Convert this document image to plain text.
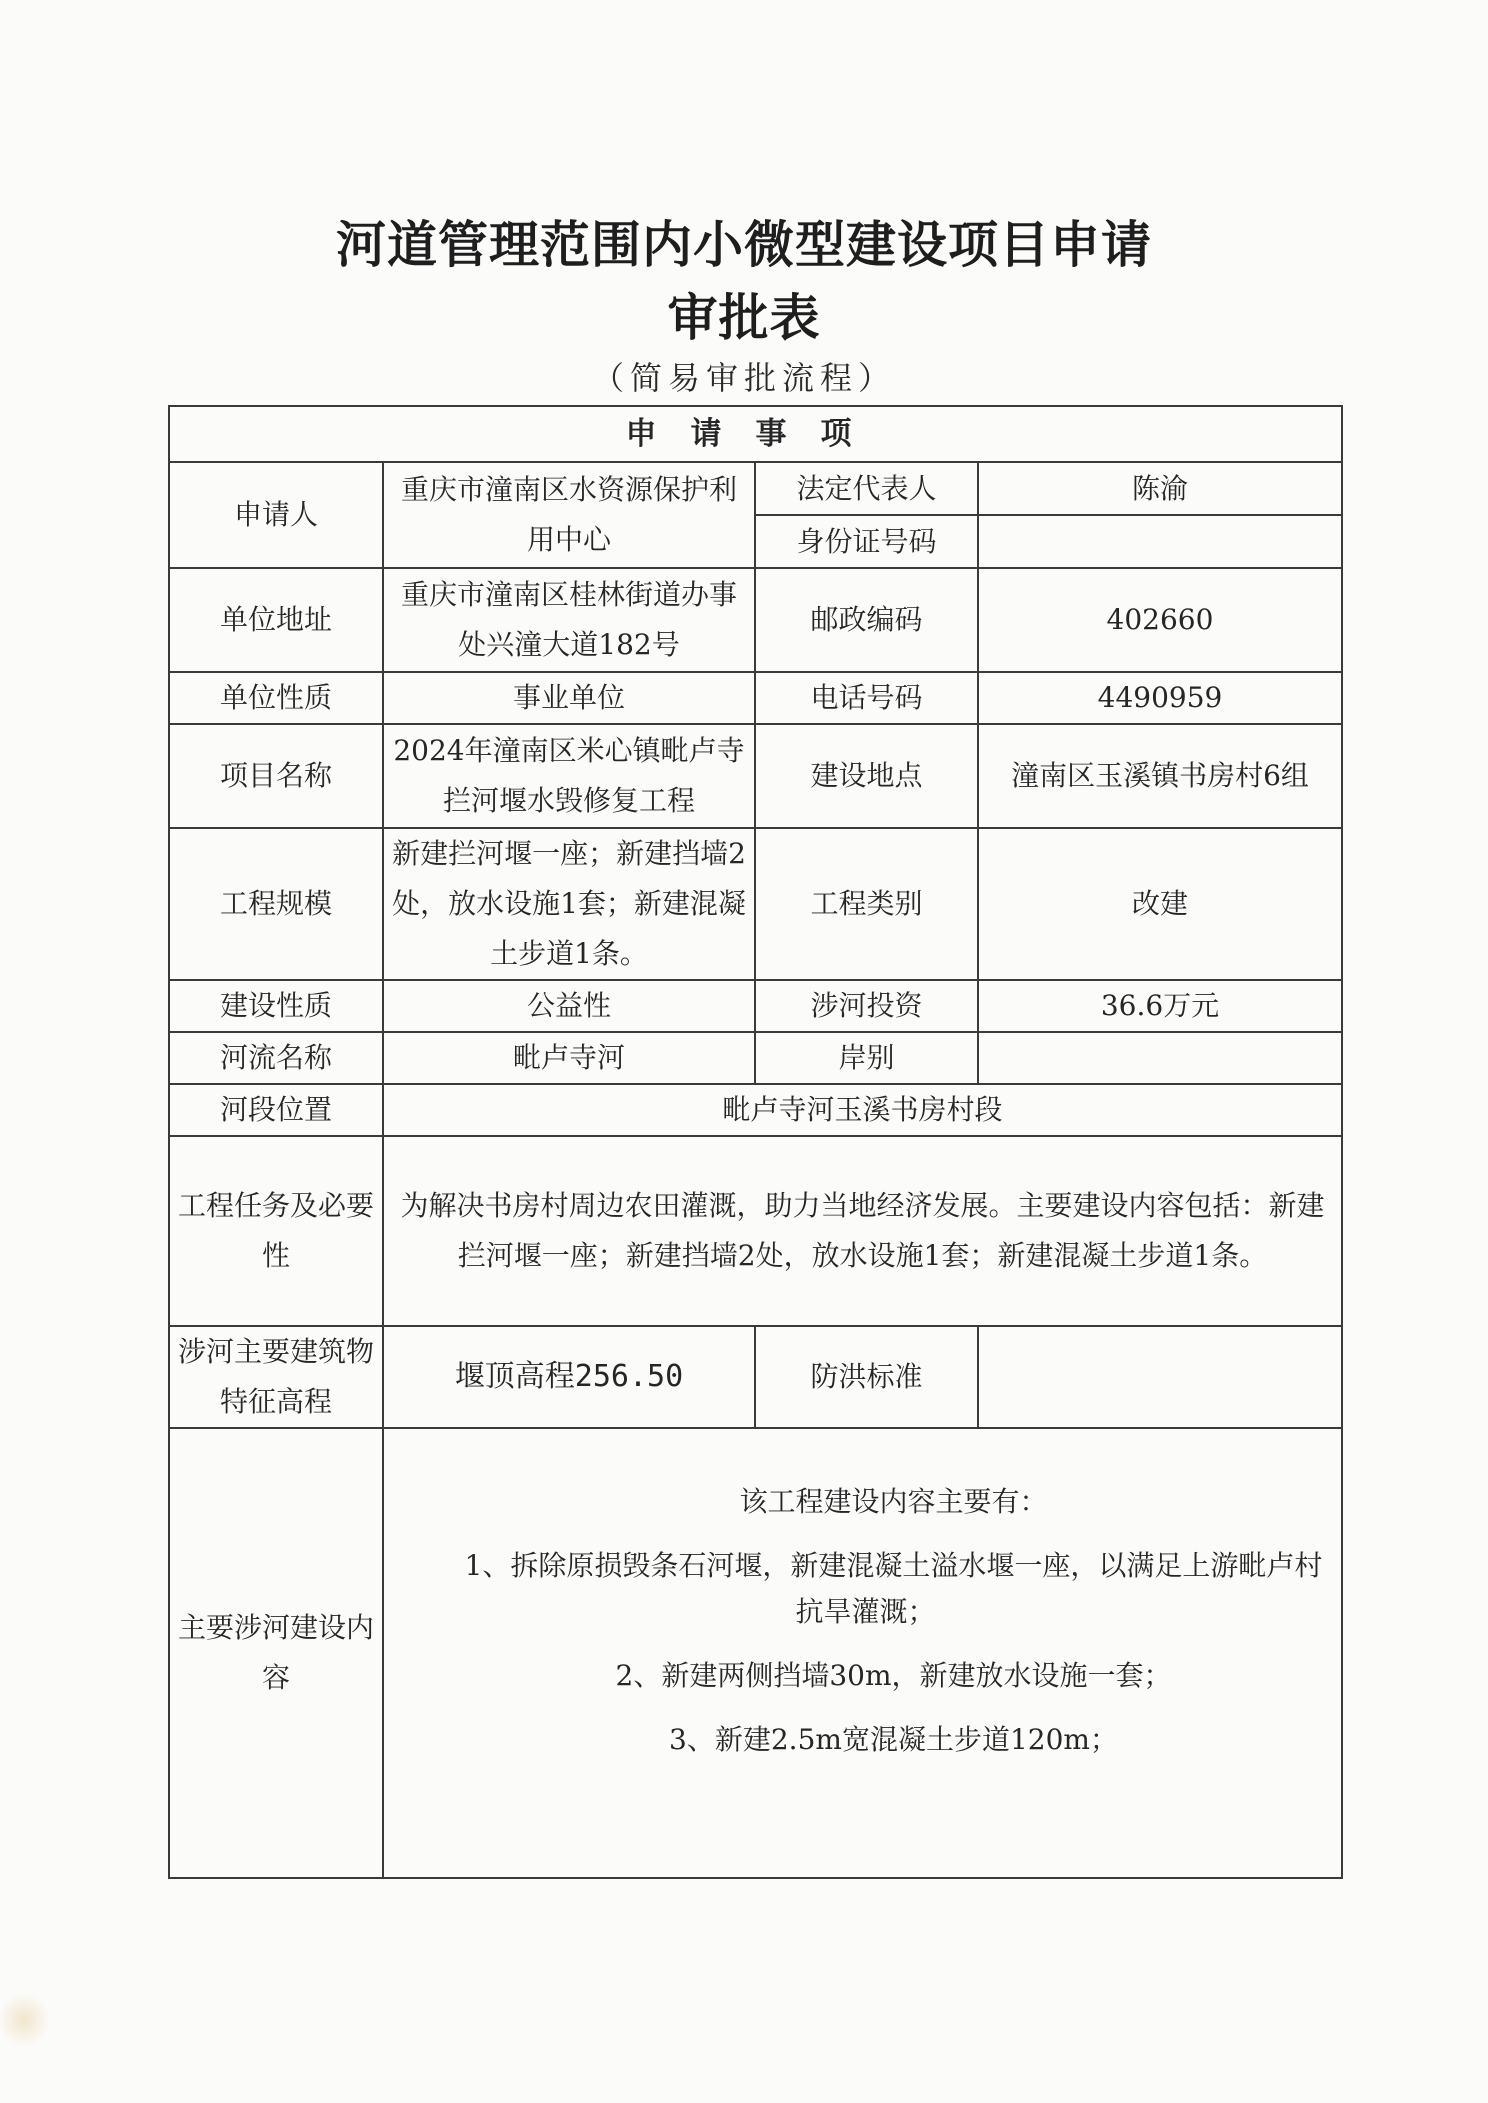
河道管理范围内小微型建设项目申请
审批表
（简易审批流程）
申请事项			
申请人	重庆市潼南区水资源保护利用中心	法定代表人	陈渝
		身份证号码	
单位地址	重庆市潼南区桂林街道办事处兴潼大道182号	邮政编码	402660
单位性质	事业单位	电话号码	4490959
项目名称	2024年潼南区米心镇毗卢寺拦河堰水毁修复工程	建设地点	潼南区玉溪镇书房村6组
工程规模	新建拦河堰一座；新建挡墙2处，放水设施1套；新建混凝土步道1条。	工程类别	改建
建设性质	公益性	涉河投资	36.6万元
河流名称	毗卢寺河	岸别	
河段位置	毗卢寺河玉溪书房村段		
工程任务及必要性	为解决书房村周边农田灌溉，助力当地经济发展。主要建设内容包括：新建拦河堰一座；新建挡墙2处，放水设施1套；新建混凝土步道1条。		
涉河主要建筑物特征高程	堰顶高程256.50	防洪标准	
主要涉河建设内容	该工程建设内容主要有：

1、拆除原损毁条石河堰，新建混凝土溢水堰一座，以满足上游毗卢村抗旱灌溉；

2、新建两侧挡墙30m，新建放水设施一套；

3、新建2.5m宽混凝土步道120m；		
